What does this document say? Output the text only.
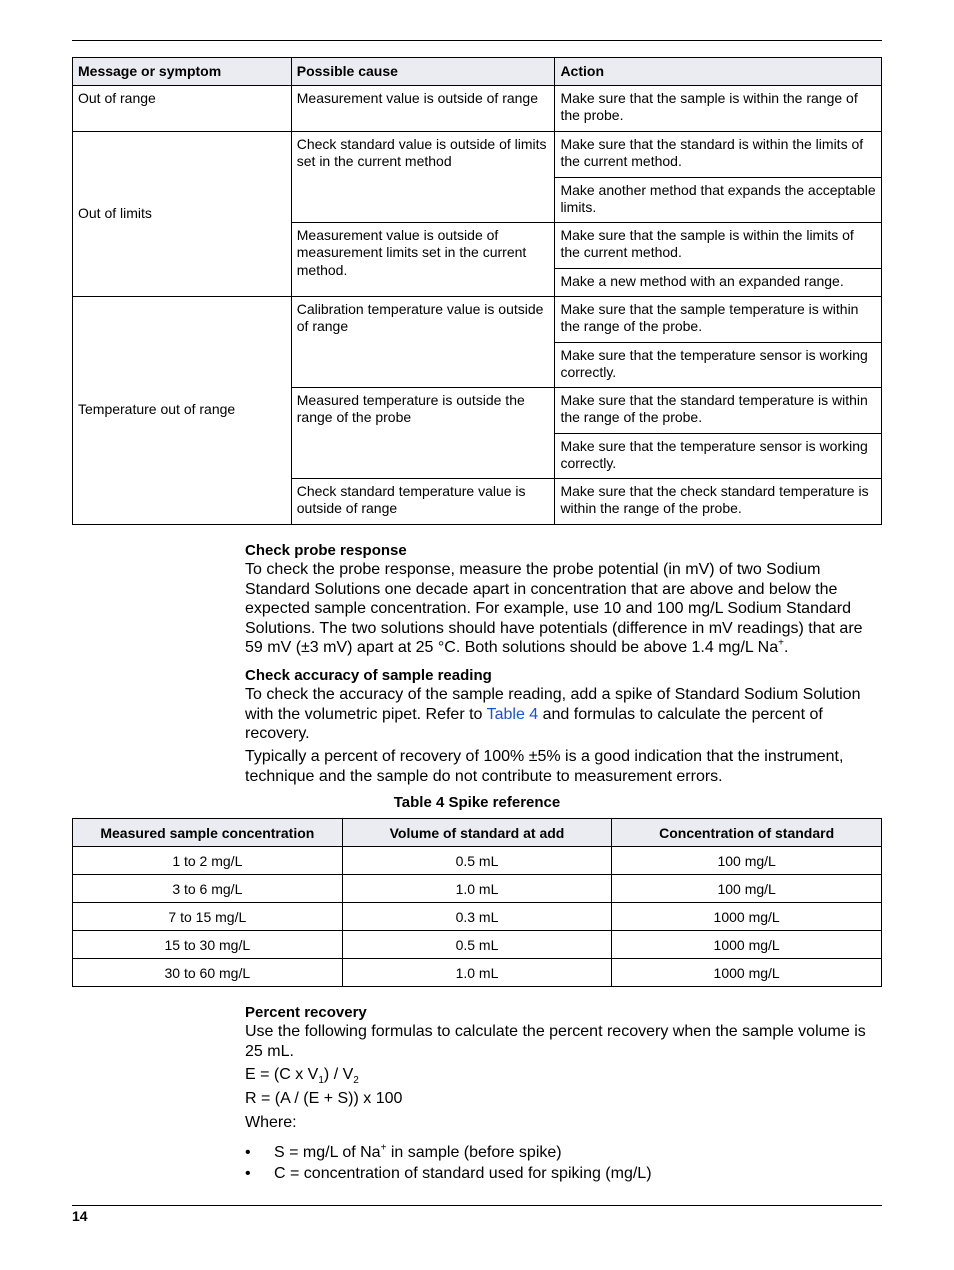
Message or symptom	Possible cause	Action
Out of range	Measurement value is outside of range	Make sure that the sample is within the range of the probe.
Out of limits	Check standard value is outside of limits set in the current method	Make sure that the standard is within the limits of the current method.
		Make another method that expands the acceptable limits.
	Measurement value is outside of measurement limits set in the current method.	Make sure that the sample is within the limits of the current method.
		Make a new method with an expanded range.
Temperature out of range	Calibration temperature value is outside of range	Make sure that the sample temperature is within the range of the probe.
		Make sure that the temperature sensor is working correctly.
	Measured temperature is outside the range of the probe	Make sure that the standard temperature is within the range of the probe.
		Make sure that the temperature sensor is working correctly.
	Check standard temperature value is outside of range	Make sure that the check standard temperature is within the range of the probe.
Check probe response

To check the probe response, measure the probe potential (in mV) of two Sodium Standard Solutions one decade apart in concentration that are above and below the expected sample concentration. For example, use 10 and 100 mg/L Sodium Standard Solutions. The two solutions should have potentials (difference in mV readings) that are 59 mV (±3 mV) apart at 25 °C. Both solutions should be above 1.4 mg/L Na+.

Check accuracy of sample reading

To check the accuracy of the sample reading, add a spike of Standard Sodium Solution with the volumetric pipet. Refer to Table 4 and formulas to calculate the percent of recovery.

Typically a percent of recovery of 100% ±5% is a good indication that the instrument, technique and the sample do not contribute to measurement errors.

Table 4 Spike reference
Measured sample concentration	Volume of standard at add	Concentration of standard
1 to 2 mg/L	0.5 mL	100 mg/L
3 to 6 mg/L	1.0 mL	100 mg/L
7 to 15 mg/L	0.3 mL	1000 mg/L
15 to 30 mg/L	0.5 mL	1000 mg/L
30 to 60 mg/L	1.0 mL	1000 mg/L
Percent recovery

Use the following formulas to calculate the percent recovery when the sample volume is 25 mL.

E = (C x $V_1) / V_2$

R = (A / (E + S)) x 100

Where:

• S = mg/L of Na+ in sample (before spike)
• C = concentration of standard used for spiking (mg/L)
14
